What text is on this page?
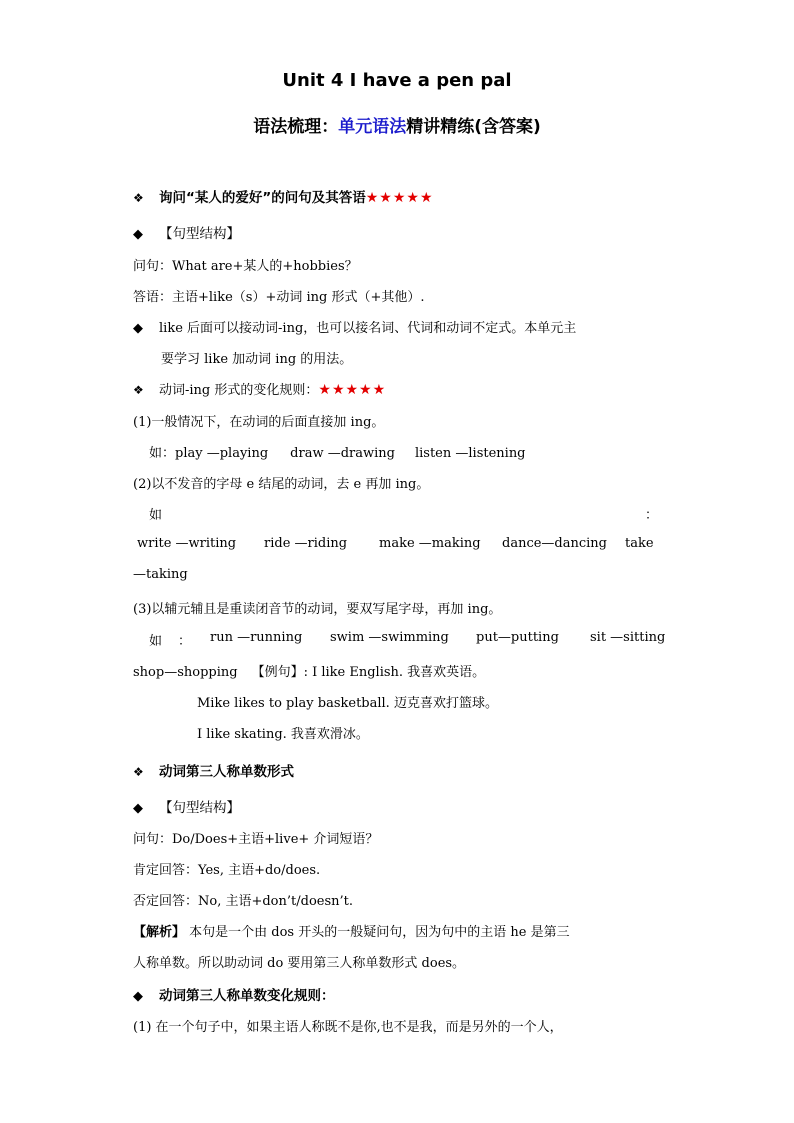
Unit 4 I have a pen pal
语法梳理：单元语法精讲精练(含答案)
❖ 询问“某人的爱好”的问句及其答语★★★★★
◆ 【句型结构】
问句：What are+某人的+hobbies？
答语：主语+like（s）+动词 ing 形式（+其他）.
◆ like 后面可以接动词-ing，也可以接名词、代词和动词不定式。本单元主
要学习 like 加动词 ing 的用法。
❖ 动词-ing 形式的变化规则：★★★★★
(1)一般情况下，在动词的后面直接加 ing。
如：play —playing draw —drawing listen —listening
(2)以不发音的字母 e 结尾的动词，去 e 再加 ing。
如	：
write —writing ride —riding make —making dance—dancing take
—taking
(3)以辅元辅且是重读闭音节的动词，要双写尾字母，再加 ing。
如 ： run —running swim —swimming put—putting sit —sitting
shop—shopping 【例句】: I like English. 我喜欢英语。
Mike likes to play basketball. 迈克喜欢打篮球。
I like skating. 我喜欢滑冰。
❖ 动词第三人称单数形式
◆ 【句型结构】
问句：Do/Does+主语+live+ 介词短语？
肯定回答：Yes, 主语+do/does.
否定回答：No, 主语+don’t/doesn’t.
【解析】 本句是一个由 dos 开头的一般疑问句，因为句中的主语 he 是第三
人称单数。所以助动词 do 要用第三人称单数形式 does。
◆ 动词第三人称单数变化规则：
(1) 在一个句子中，如果主语人称既不是你,也不是我，而是另外的一个人，
